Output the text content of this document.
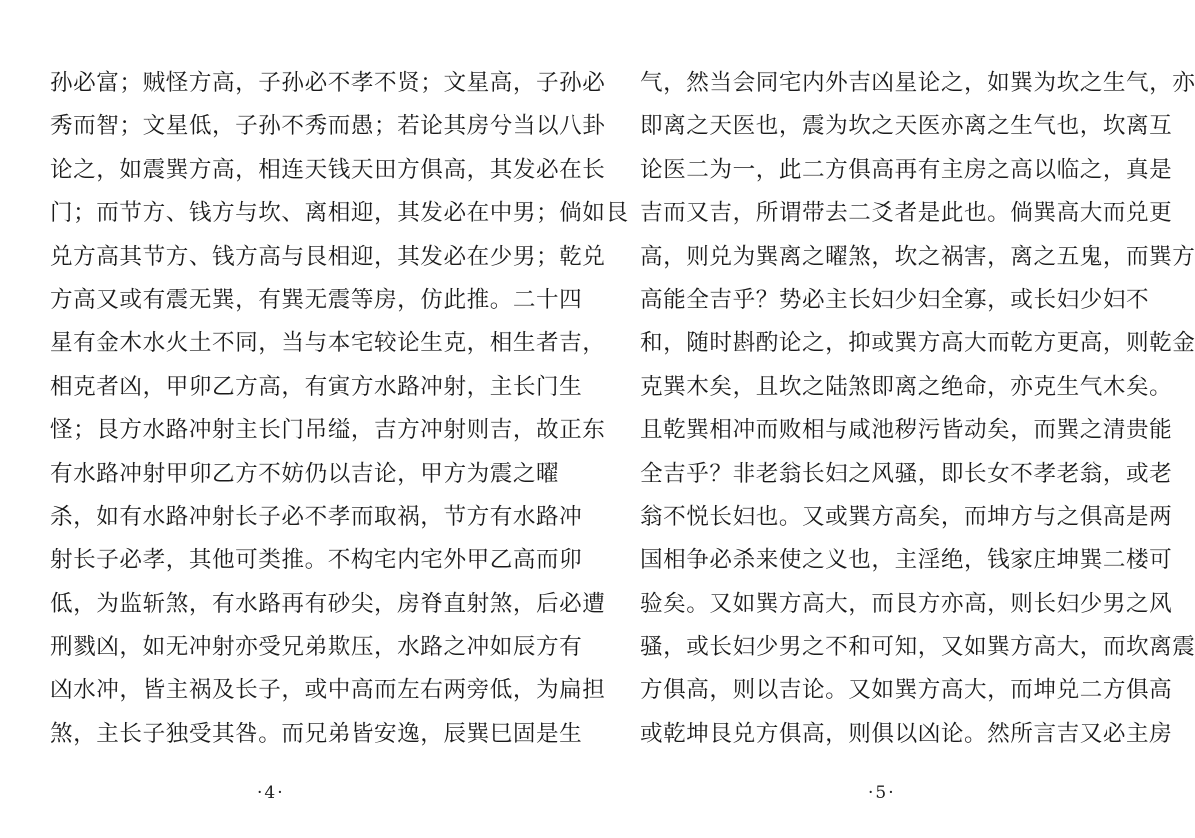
孙必富；贼怪方高，子孙必不孝不贤；文星高，子孙必
秀而智；文星低，子孙不秀而愚；若论其房兮当以八卦
论之，如震巽方高，相连天钱天田方俱高，其发必在长
门；而节方、钱方与坎、离相迎，其发必在中男；倘如艮
兑方高其节方、钱方高与艮相迎，其发必在少男；乾兑
方高又或有震无巽，有巽无震等房，仿此推。二十四
星有金木水火土不同，当与本宅较论生克，相生者吉，
相克者凶，甲卯乙方高，有寅方水路冲射，主长门生
怪；艮方水路冲射主长门吊缢，吉方冲射则吉，故正东
有水路冲射甲卯乙方不妨仍以吉论，甲方为震之曜
杀，如有水路冲射长子必不孝而取祸，节方有水路冲
射长子必孝，其他可类推。不构宅内宅外甲乙高而卯
低，为监斩煞，有水路再有砂尖，房脊直射煞，后必遭
刑戮凶，如无冲射亦受兄弟欺压，水路之冲如辰方有
凶水冲，皆主祸及长子，或中高而左右两旁低，为扁担
煞，主长子独受其咎。而兄弟皆安逸，辰巽巳固是生
·4·
气，然当会同宅内外吉凶星论之，如巽为坎之生气，亦
即离之天医也，震为坎之天医亦离之生气也，坎离互
论医二为一，此二方俱高再有主房之高以临之，真是
吉而又吉，所谓带去二爻者是此也。倘巽高大而兑更
高，则兑为巽离之曜煞，坎之祸害，离之五鬼，而巽方
高能全吉乎？势必主长妇少妇全寡，或长妇少妇不
和，随时斟酌论之，抑或巽方高大而乾方更高，则乾金
克巽木矣，且坎之陆煞即离之绝命，亦克生气木矣。
且乾巽相冲而败相与咸池秽污皆动矣，而巽之清贵能
全吉乎？非老翁长妇之风骚，即长女不孝老翁，或老
翁不悦长妇也。又或巽方高矣，而坤方与之俱高是两
国相争必杀来使之义也，主淫绝，钱家庄坤巽二楼可
验矣。又如巽方高大，而艮方亦高，则长妇少男之风
骚，或长妇少男之不和可知，又如巽方高大，而坎离震
方俱高，则以吉论。又如巽方高大，而坤兑二方俱高
或乾坤艮兑方俱高，则俱以凶论。然所言吉又必主房
·5·
